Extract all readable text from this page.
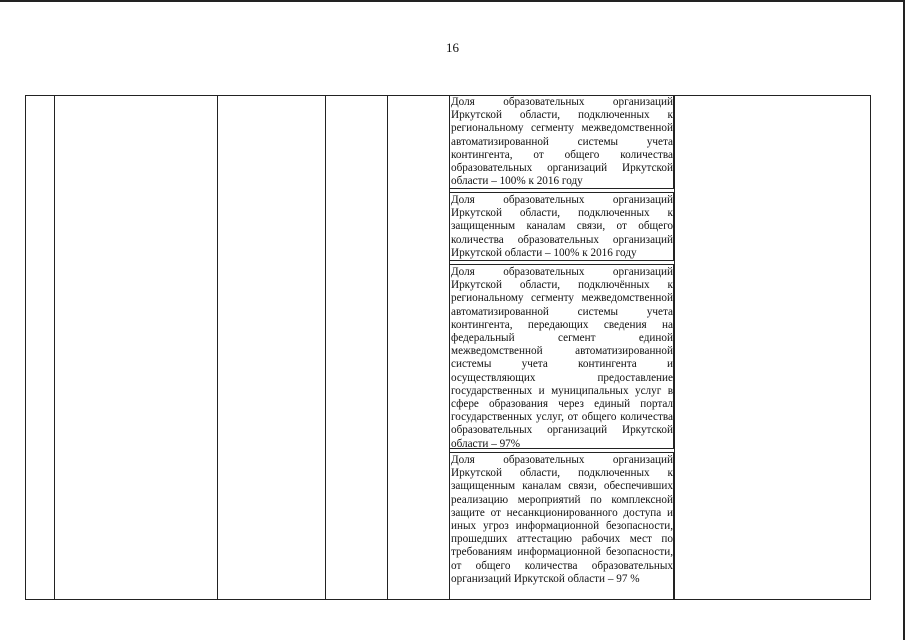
16
Доля образовательных организаций Иркутской области, подключенных к региональному сегменту межведомственной автоматизированной системы учета контингента, от общего количества образовательных организаций Иркутской области – 100% к 2016 году
Доля образовательных организаций Иркутской области, подключенных к защищенным каналам связи, от общего количества образовательных организаций Иркутской области – 100% к 2016 году
Доля образовательных организаций Иркутской области, подключённых к региональному сегменту межведомственной автоматизированной системы учета контингента, передающих сведения на федеральный сегмент единой межведомственной автоматизированной системы учета контингента и осуществляющих предоставление государственных и муниципальных услуг в сфере образования через единый портал государственных услуг, от общего количества образовательных организаций Иркутской области – 97%
Доля образовательных организаций Иркутской области, подключенных к защищенным каналам связи, обеспечивших реализацию мероприятий по комплексной защите от несанкционированного доступа и иных угроз информационной безопасности, прошедших аттестацию рабочих мест по требованиям информационной безопасности, от общего количества образовательных организаций Иркутской области – 97 %
